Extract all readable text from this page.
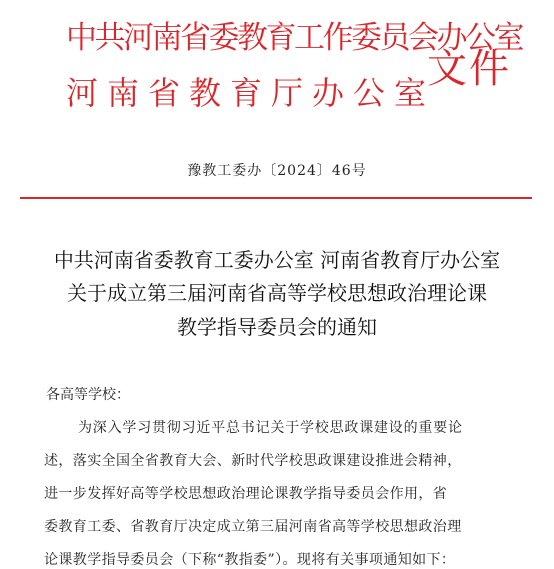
中共河南省委教育工作委员会办公室
河南省教育厅办公室
文件
豫教工委办〔2024〕46号
中共河南省委教育工委办公室 河南省教育厅办公室
关于成立第三届河南省高等学校思想政治理论课
教学指导委员会的通知
各高等学校：
为深入学习贯彻习近平总书记关于学校思政课建设的重要论
述，落实全国全省教育大会、新时代学校思政课建设推进会精神，
进一步发挥好高等学校思想政治理论课教学指导委员会作用，省
委教育工委、省教育厅决定成立第三届河南省高等学校思想政治理
论课教学指导委员会（下称“教指委”）。现将有关事项通知如下：
